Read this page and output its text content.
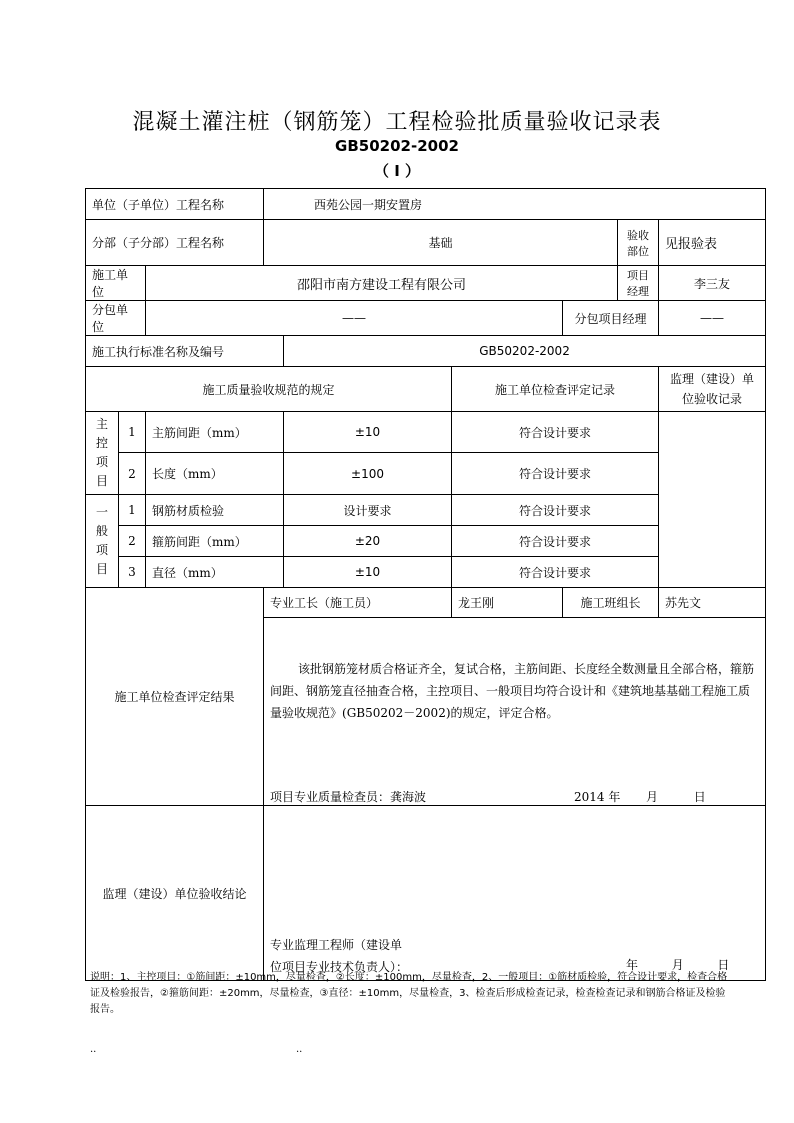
混凝土灌注桩（钢筋笼）工程检验批质量验收记录表
GB50202-2002
（ I ）
单位（子单位）工程名称			西苑公园一期安置房					
分部（子分部）工程名称			基础				验收部位	见报验表
施工单位		邵阳市南方建设工程有限公司					项目经理	李三友
分包单位		——				分包项目经理		——
施工执行标准名称及编号				GB50202-2002				
施工质量验收规范的规定					施工单位检查评定记录			监理（建设）单
位验收记录

主
控
项
目	1	主筋间距（mm）		±10	符合设计要求			
	2	长度（mm）		±100	符合设计要求			

一
般
项
目	1	钢筋材质检验		设计要求	符合设计要求			
	2	箍筋间距（mm）		±20	符合设计要求			
	3	直径（mm）		±10	符合设计要求			
施工单位检查评定结果			专业工长（施工员）		龙王刚	施工班组长		苏先文

			该批钢筋笼材质合格证齐全，复试合格，主筋间距、长度经全数测量且全部合格，箍筋间距、钢筋笼直径抽查合格，主控项目、一般项目均符合设计和《建筑地基基础工程施工质量验收规范》(GB50202－2002)的规定，评定合格。
项目专业质量检查员：龚海波 2014 年 月 日					

监理（建设）单位验收结论			专业监理工程师（建设单
位项目专业技术负责人）： 年 月 日					
说明：1、主控项目：①筋间距：±10mm，尽量检查，②长度：±100mm，尽量检查，2、一般项目：①筋材质检验，符合设计要求，检查合格证及检验报告，②箍筋间距：±20mm，尽量检查，③直径：±10mm，尽量检查，3、检查后形成检查记录，检查检查记录和钢筋合格证及检验报告。
..	..
